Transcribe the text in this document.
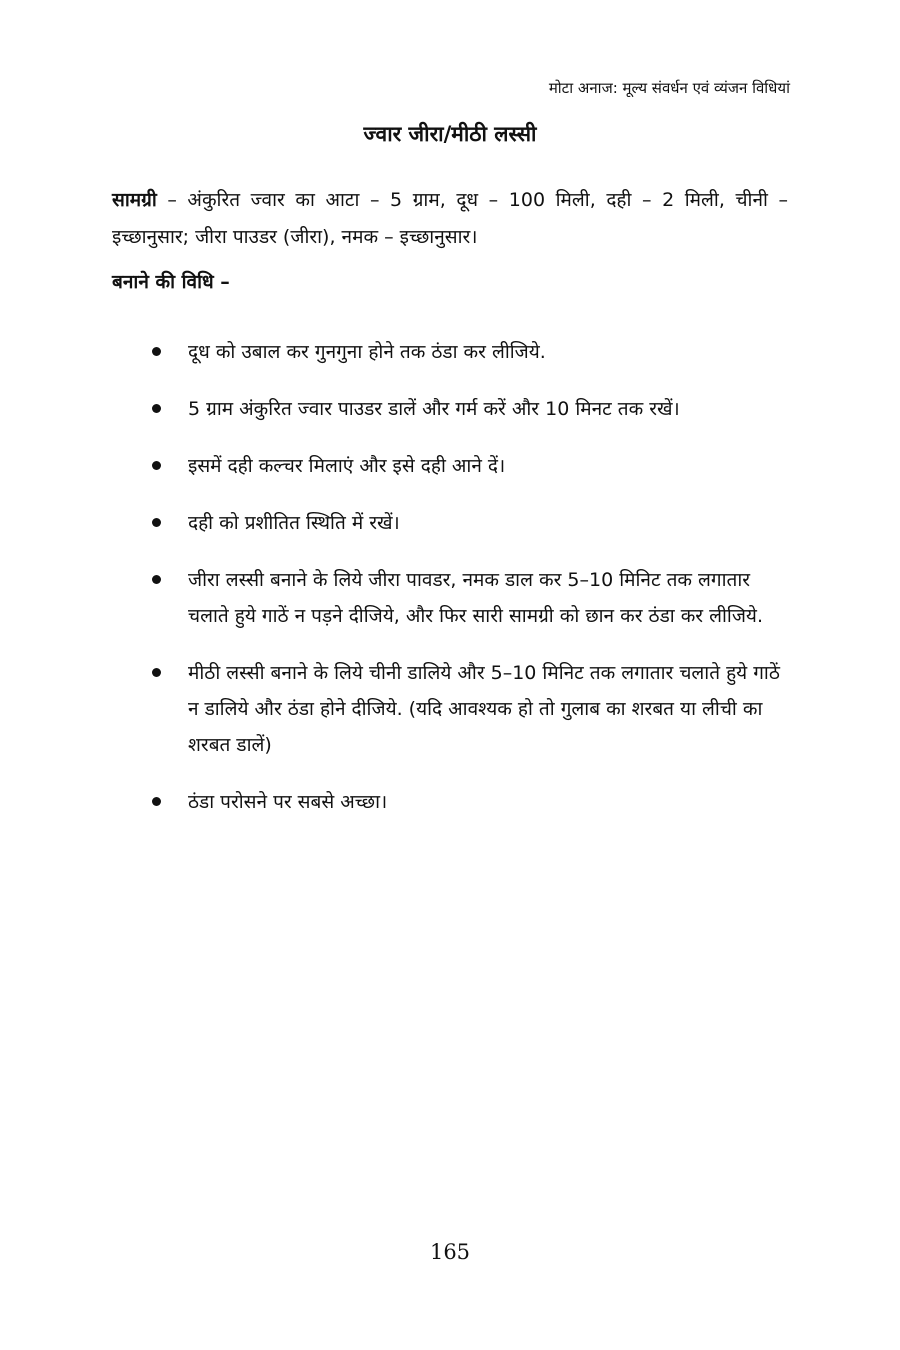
मोटा अनाज: मूल्य संवर्धन एवं व्यंजन विधियां
ज्वार जीरा/मीठी लस्सी
सामग्री – अंकुरित ज्वार का आटा – 5 ग्राम, दूध – 100 मिली, दही – 2 मिली, चीनी – इच्छानुसार; जीरा पाउडर (जीरा), नमक – इच्छानुसार।
बनाने की विधि –
दूध को उबाल कर गुनगुना होने तक ठंडा कर लीजिये.
5 ग्राम अंकुरित ज्वार पाउडर डालें और गर्म करें और 10 मिनट तक रखें।
इसमें दही कल्चर मिलाएं और इसे दही आने दें।
दही को प्रशीतित स्थिति में रखें।
जीरा लस्सी बनाने के लिये जीरा पावडर, नमक डाल कर 5–10 मिनिट तक लगातार चलाते हुये गाठें न पड़ने दीजिये, और फिर सारी सामग्री को छान कर ठंडा कर लीजिये.
मीठी लस्सी बनाने के लिये चीनी डालिये और 5–10 मिनिट तक लगातार चलाते हुये गाठें न डालिये और ठंडा होने दीजिये. (यदि आवश्यक हो तो गुलाब का शरबत या लीची का शरबत डालें)
ठंडा परोसने पर सबसे अच्छा।
165
